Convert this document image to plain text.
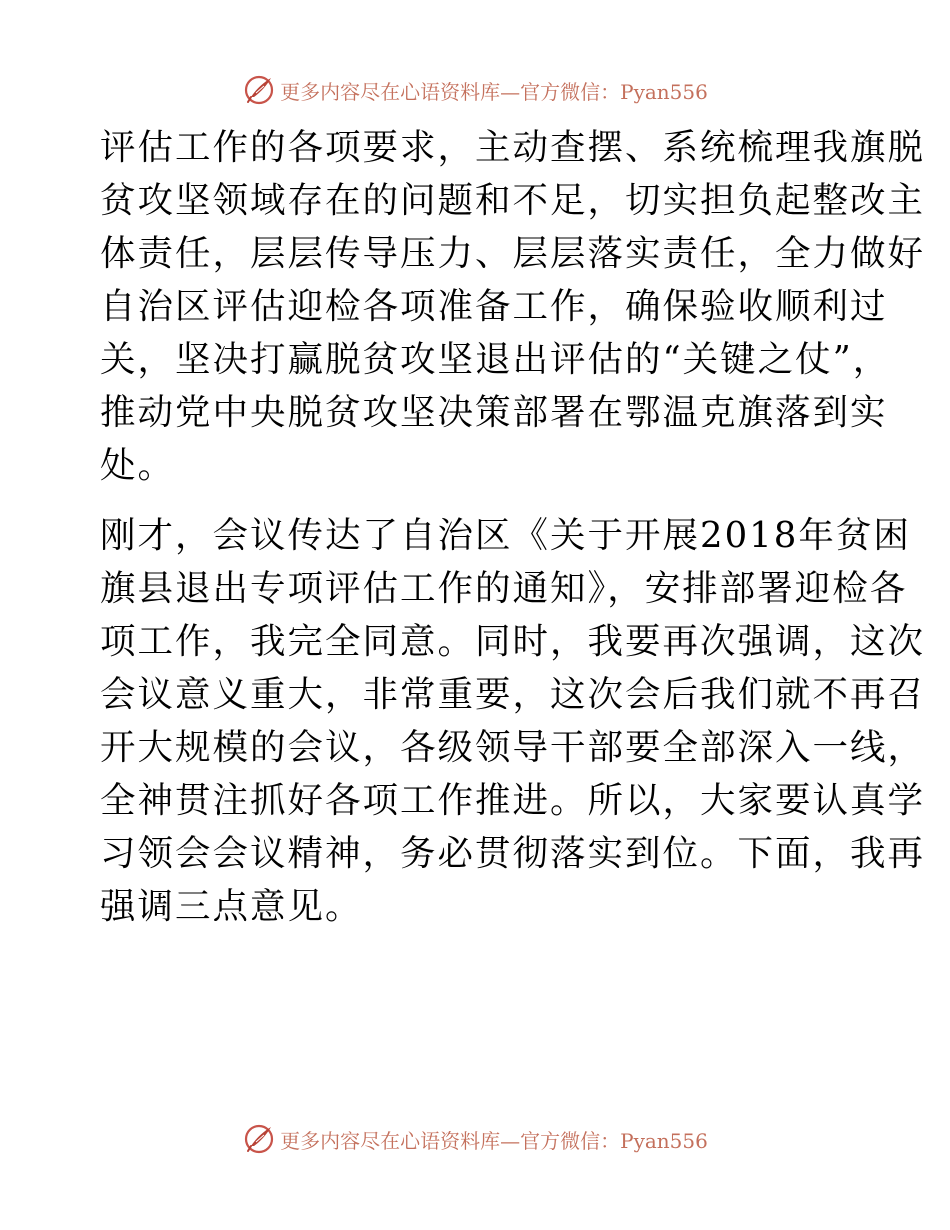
更多内容尽在心语资料库—官方微信：Pyan556

评估工作的各项要求，主动查摆、系统梳理我旗脱
贫攻坚领域存在的问题和不足，切实担负起整改主
体责任，层层传导压力、层层落实责任，全力做好
自治区评估迎检各项准备工作，确保验收顺利过
关，坚决打赢脱贫攻坚退出评估的“关键之仗”，
推动党中央脱贫攻坚决策部署在鄂温克旗落到实
处。

刚才，会议传达了自治区《关于开展2018年贫困
旗县退出专项评估工作的通知》，安排部署迎检各
项工作，我完全同意。同时，我要再次强调，这次
会议意义重大，非常重要，这次会后我们就不再召
开大规模的会议，各级领导干部要全部深入一线，
全神贯注抓好各项工作推进。所以，大家要认真学
习领会会议精神，务必贯彻落实到位。下面，我再
强调三点意见。

更多内容尽在心语资料库—官方微信：Pyan556
